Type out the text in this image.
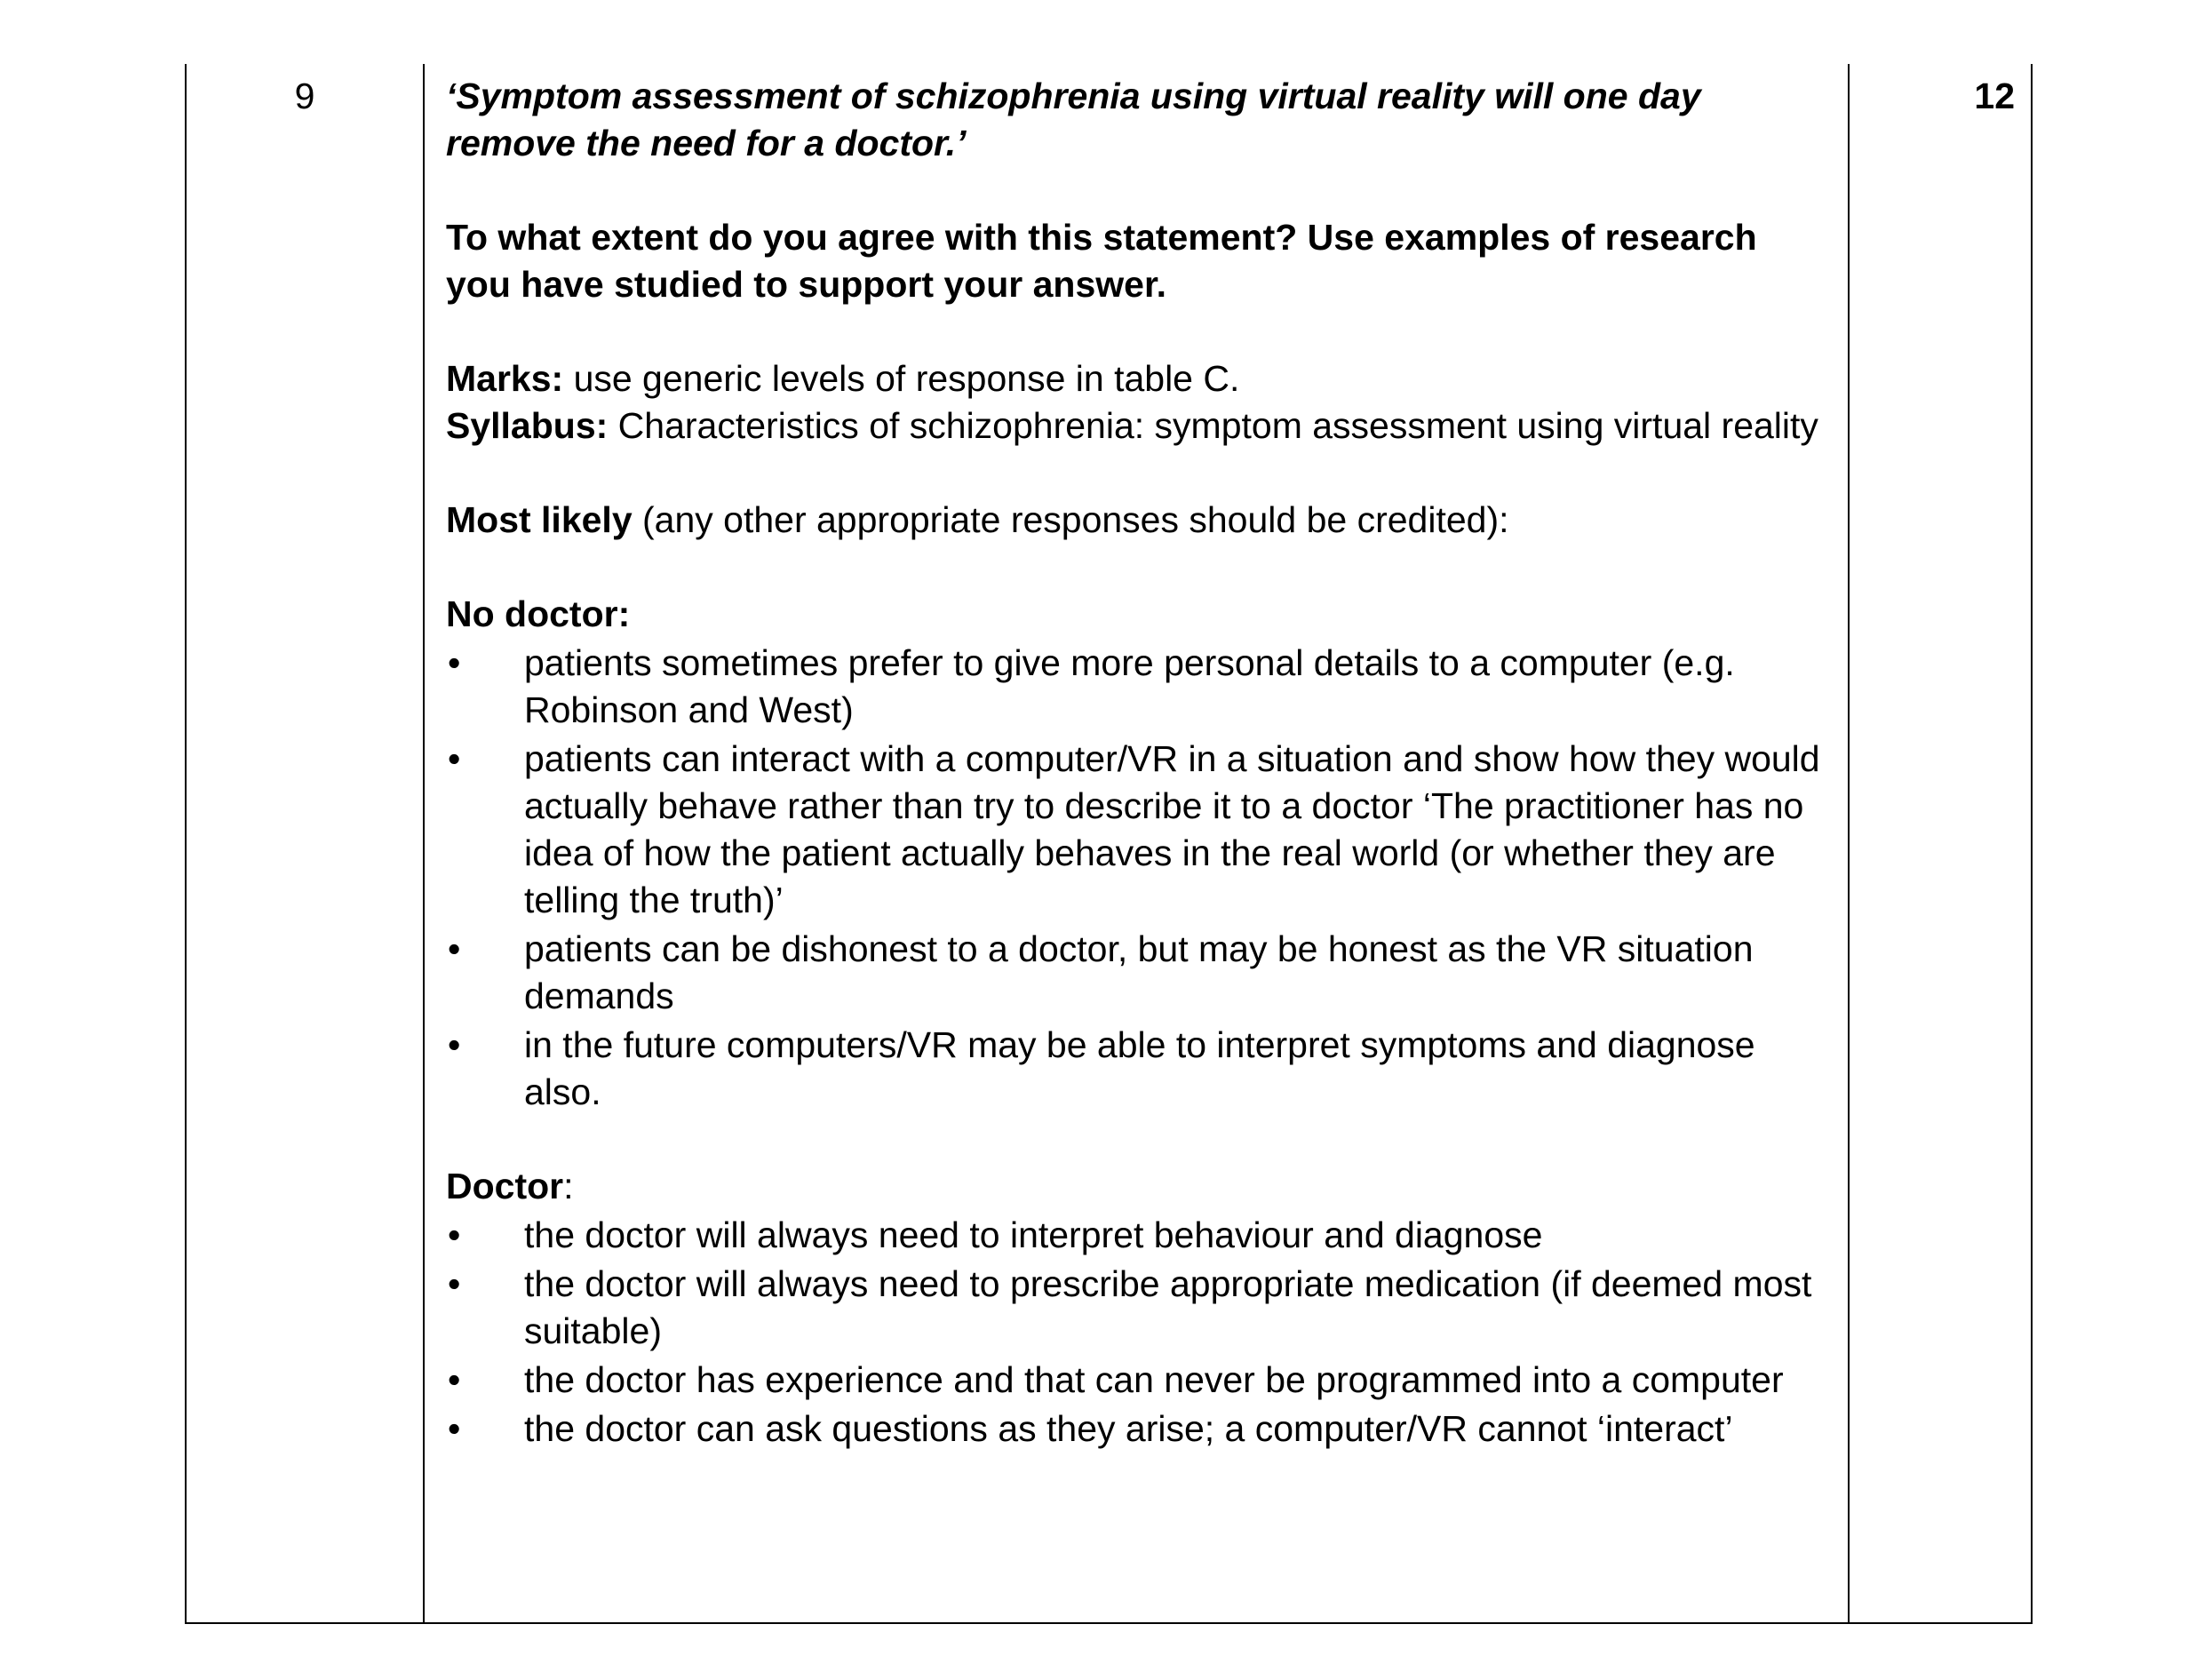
9	‘Symptom assessment of schizophrenia using virtual reality will one day remove the need for a doctor.’

To what extent do you agree with this statement? Use examples of research you have studied to support your answer.

Marks: use generic levels of response in table C.

Syllabus: Characteristics of schizophrenia: symptom assessment using virtual reality

Most likely (any other appropriate responses should be credited):

No doctor:

•	patients sometimes prefer to give more personal details to a computer (e.g. Robinson and West)
•	patients can interact with a computer/VR in a situation and show how they would actually behave rather than try to describe it to a doctor ‘The practitioner has no idea of how the patient actually behaves in the real world (or whether they are telling the truth)’
•	patients can be dishonest to a doctor, but may be honest as the VR situation demands
•	in the future computers/VR may be able to interpret symptoms and diagnose also.

Doctor:

•	the doctor will always need to interpret behaviour and diagnose
•	the doctor will always need to prescribe appropriate medication (if deemed most suitable)
•	the doctor has experience and that can never be programmed into a computer
•	the doctor can ask questions as they arise; a computer/VR cannot ‘interact’
12
